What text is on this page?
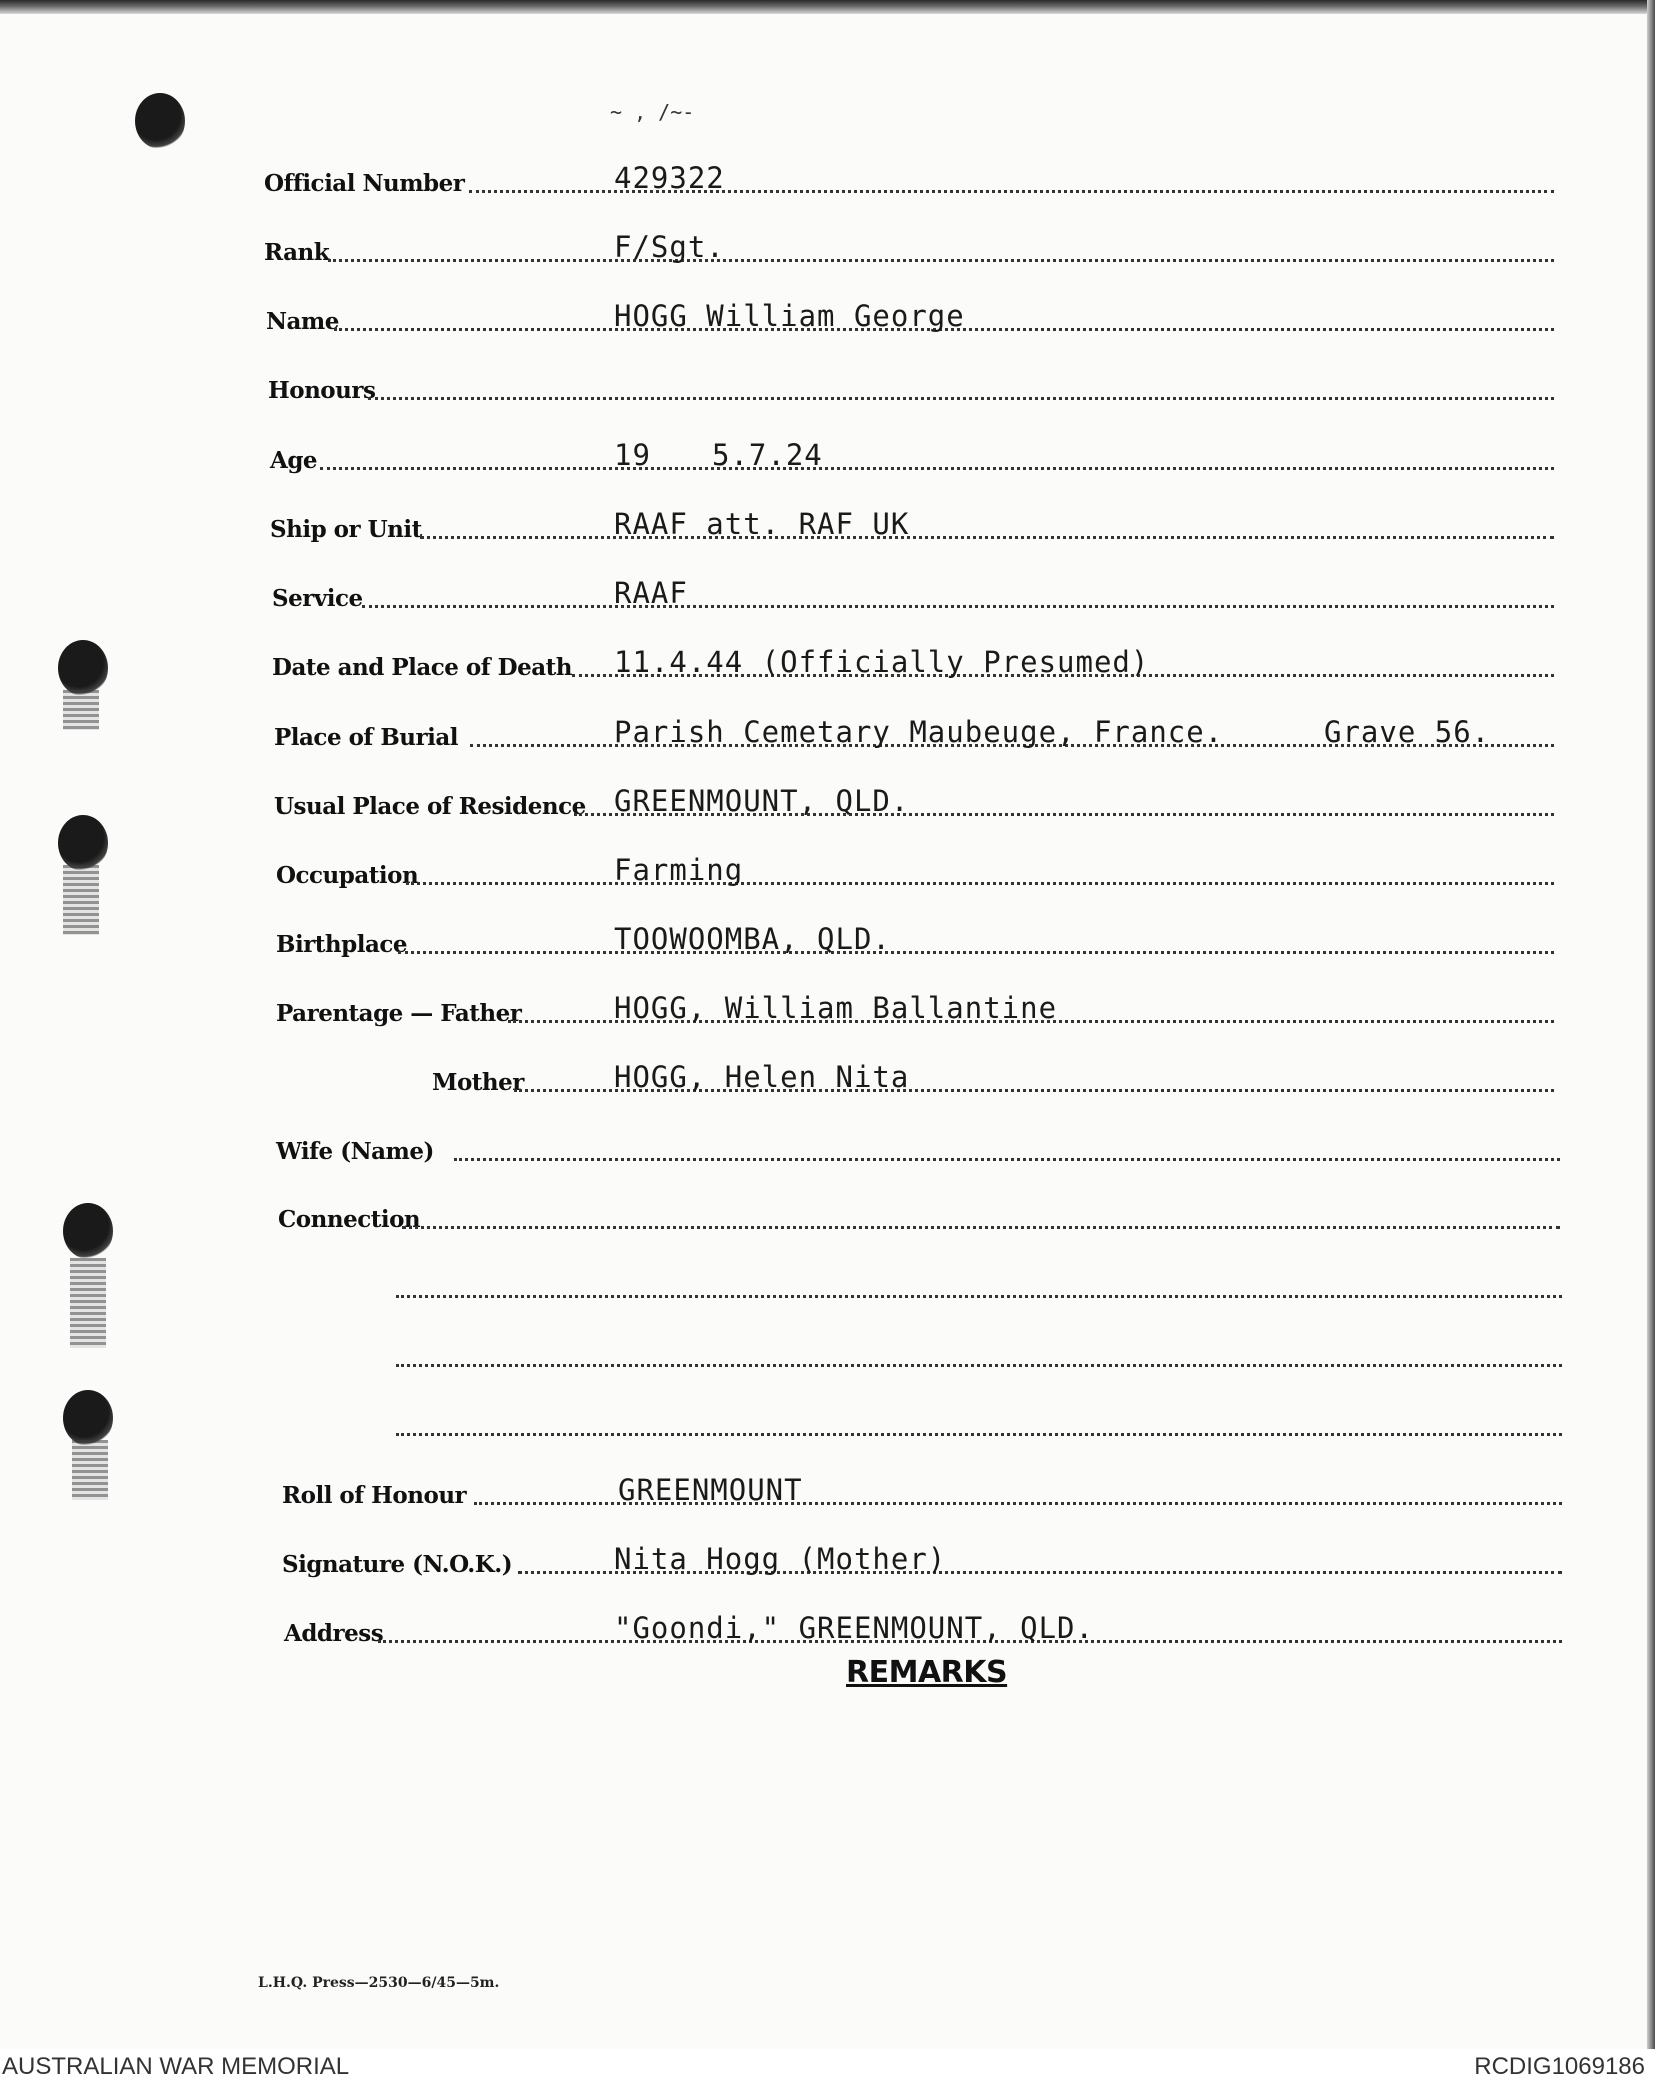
~ , /~-
Official Number	429322
Rank	F/Sgt.
Name	HOGG William George
Honours
Age	19 5.7.24
Ship or Unit	RAAF att. RAF UK
Service	RAAF
Date and Place of Death 11.4.44 (Officially Presumed)
Place of Burial	Parish Cemetary Maubeuge, France.	Grave 56.
Usual Place of Residence GREENMOUNT, QLD.
Occupation	Farming
Birthplace	TOOWOOMBA, QLD.
Parentage — Father	HOGG, William Ballantine
Mother	HOGG, Helen Nita
Wife (Name)
Connection
Roll of Honour	GREENMOUNT
Signature (N.O.K.)	Nita Hogg (Mother)
Address	"Goondi," GREENMOUNT, QLD.
REMARKS
L.H.Q. Press—2530—6/45—5m.
AUSTRALIAN WAR MEMORIAL	RCDIG1069186
